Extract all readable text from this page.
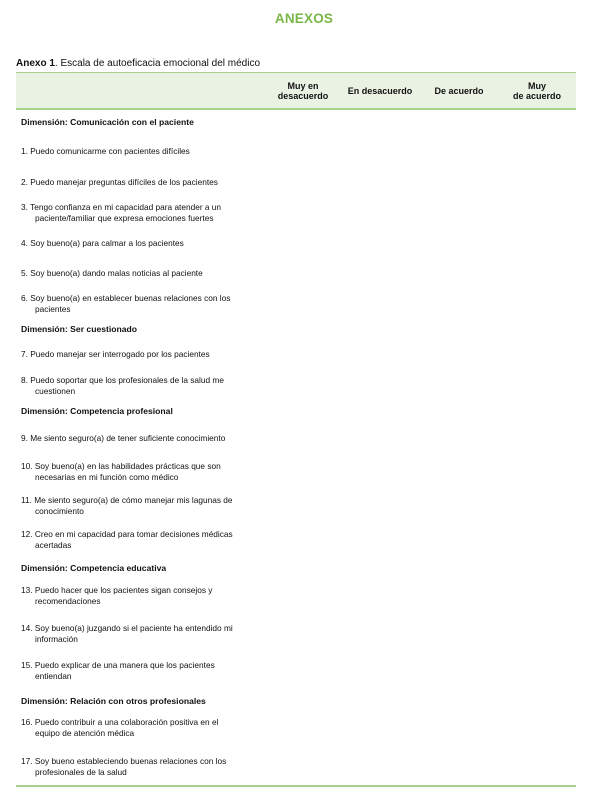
ANEXOS
Anexo 1. Escala de autoeficacia emocional del médico
Muy en
desacuerdo En desacuerdo De acuerdo	Muy
de acuerdo
Dimensión: Comunicación con el paciente
1. Puedo comunicarme con pacientes difíciles
2. Puedo manejar preguntas difíciles de los pacientes
3. Tengo confianza en mi capacidad para atender a un
paciente/familiar que expresa emociones fuertes
4. Soy bueno(a) para calmar a los pacientes
5. Soy bueno(a) dando malas noticias al paciente
6. Soy bueno(a) en establecer buenas relaciones con los
pacientes
Dimensión: Ser cuestionado
7. Puedo manejar ser interrogado por los pacientes
8. Puedo soportar que los profesionales de la salud me
cuestionen
Dimensión: Competencia profesional
9. Me siento seguro(a) de tener suficiente conocimiento
10. Soy bueno(a) en las habilidades prácticas que son
necesarias en mi función como médico
11. Me siento seguro(a) de cómo manejar mis lagunas de
conocimiento
12. Creo en mi capacidad para tomar decisiones médicas
acertadas
Dimensión: Competencia educativa
13. Puedo hacer que los pacientes sigan consejos y
recomendaciones
14. Soy bueno(a) juzgando si el paciente ha entendido mi
información
15. Puedo explicar de una manera que los pacientes
entiendan
Dimensión: Relación con otros profesionales
16. Puedo contribuir a una colaboración positiva en el
equipo de atención médica
17. Soy bueno estableciendo buenas relaciones con los
profesionales de la salud
